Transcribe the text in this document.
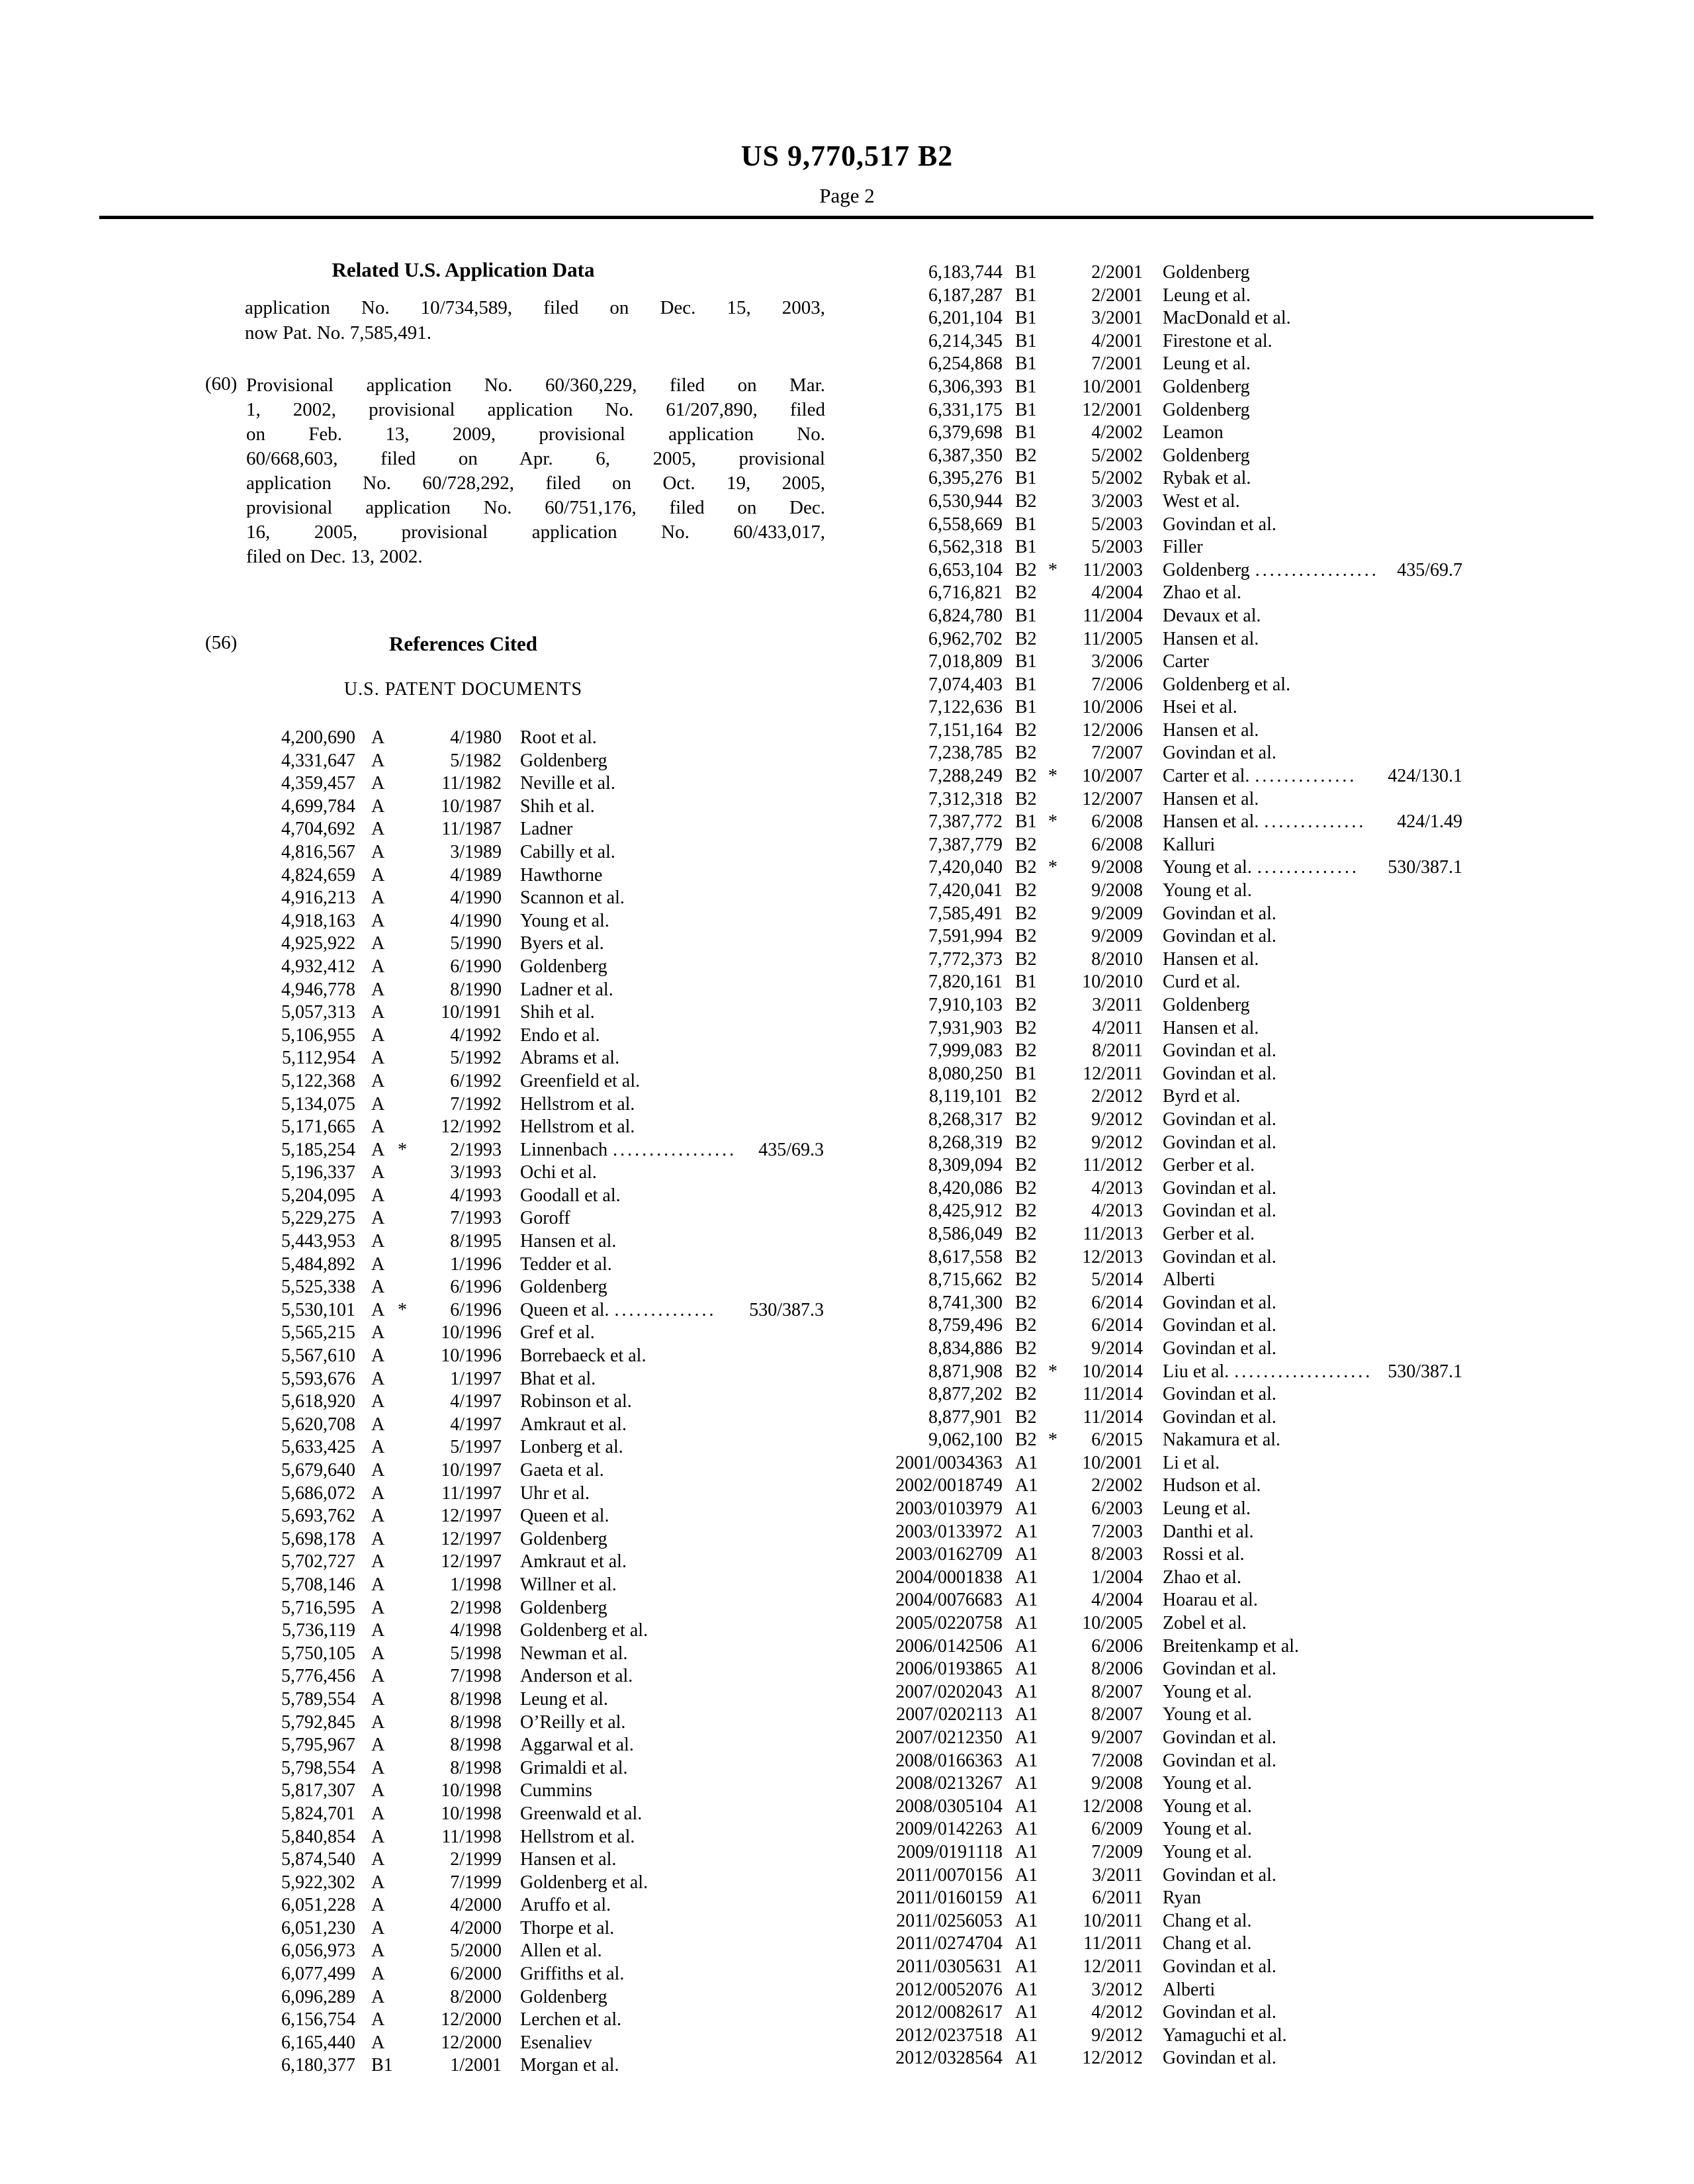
US 9,770,517 B2
Page 2
Related U.S. Application Data
application No. 10/734,589, filed on Dec. 15, 2003,
now Pat. No. 7,585,491.
(60) Provisional application No. 60/360,229, filed on Mar.
1, 2002, provisional application No. 61/207,890, filed
on Feb. 13, 2009, provisional application No.
60/668,603, filed on Apr. 6, 2005, provisional
application No. 60/728,292, filed on Oct. 19, 2005,
provisional application No. 60/751,176, filed on Dec.
16, 2005, provisional application No. 60/433,017,
filed on Dec. 13, 2002.
(56)	References Cited
U.S. PATENT DOCUMENTS
4,200,690 A	4/1980 Root et al.
4,331,647 A	5/1982 Goldenberg
4,359,457 A	11/1982 Neville et al.
4,699,784 A	10/1987 Shih et al.
4,704,692 A	11/1987 Ladner
4,816,567 A	3/1989 Cabilly et al.
4,824,659 A	4/1989 Hawthorne
4,916,213 A	4/1990 Scannon et al.
4,918,163 A	4/1990 Young et al.
4,925,922 A	5/1990 Byers et al.
4,932,412 A	6/1990 Goldenberg
4,946,778 A	8/1990 Ladner et al.
5,057,313 A	10/1991 Shih et al.
5,106,955 A	4/1992 Endo et al.
5,112,954 A	5/1992 Abrams et al.
5,122,368 A	6/1992 Greenfield et al.
5,134,075 A	7/1992 Hellstrom et al.
5,171,665 A	12/1992 Hellstrom et al.
5,185,254 A *	2/1993 Linnenbach .................	435/69.3
5,196,337 A	3/1993 Ochi et al.
5,204,095 A	4/1993 Goodall et al.
5,229,275 A	7/1993 Goroff
5,443,953 A	8/1995 Hansen et al.
5,484,892 A	1/1996 Tedder et al.
5,525,338 A	6/1996 Goldenberg
5,530,101 A *	6/1996 Queen et al. ..............	530/387.3
5,565,215 A	10/1996 Gref et al.
5,567,610 A	10/1996 Borrebaeck et al.
5,593,676 A	1/1997 Bhat et al.
5,618,920 A	4/1997 Robinson et al.
5,620,708 A	4/1997 Amkraut et al.
5,633,425 A	5/1997 Lonberg et al.
5,679,640 A	10/1997 Gaeta et al.
5,686,072 A	11/1997 Uhr et al.
5,693,762 A	12/1997 Queen et al.
5,698,178 A	12/1997 Goldenberg
5,702,727 A	12/1997 Amkraut et al.
5,708,146 A	1/1998 Willner et al.
5,716,595 A	2/1998 Goldenberg
5,736,119 A	4/1998 Goldenberg et al.
5,750,105 A	5/1998 Newman et al.
5,776,456 A	7/1998 Anderson et al.
5,789,554 A	8/1998 Leung et al.
5,792,845 A	8/1998 O’Reilly et al.
5,795,967 A	8/1998 Aggarwal et al.
5,798,554 A	8/1998 Grimaldi et al.
5,817,307 A	10/1998 Cummins
5,824,701 A	10/1998 Greenwald et al.
5,840,854 A	11/1998 Hellstrom et al.
5,874,540 A	2/1999 Hansen et al.
5,922,302 A	7/1999 Goldenberg et al.
6,051,228 A	4/2000 Aruffo et al.
6,051,230 A	4/2000 Thorpe et al.
6,056,973 A	5/2000 Allen et al.
6,077,499 A	6/2000 Griffiths et al.
6,096,289 A	8/2000 Goldenberg
6,156,754 A	12/2000 Lerchen et al.
6,165,440 A	12/2000 Esenaliev
6,180,377 B1	1/2001 Morgan et al.
6,183,744 B1	2/2001 Goldenberg
6,187,287 B1	2/2001 Leung et al.
6,201,104 B1	3/2001 MacDonald et al.
6,214,345 B1	4/2001 Firestone et al.
6,254,868 B1	7/2001 Leung et al.
6,306,393 B1	10/2001 Goldenberg
6,331,175 B1	12/2001 Goldenberg
6,379,698 B1	4/2002 Leamon
6,387,350 B2	5/2002 Goldenberg
6,395,276 B1	5/2002 Rybak et al.
6,530,944 B2	3/2003 West et al.
6,558,669 B1	5/2003 Govindan et al.
6,562,318 B1	5/2003 Filler
6,653,104 B2 *	11/2003 Goldenberg ................. 435/69.7
6,716,821 B2	4/2004 Zhao et al.
6,824,780 B1	11/2004 Devaux et al.
6,962,702 B2	11/2005 Hansen et al.
7,018,809 B1	3/2006 Carter
7,074,403 B1	7/2006 Goldenberg et al.
7,122,636 B1	10/2006 Hsei et al.
7,151,164 B2	12/2006 Hansen et al.
7,238,785 B2	7/2007 Govindan et al.
7,288,249 B2 *	10/2007 Carter et al. ..............	424/130.1
7,312,318 B2	12/2007 Hansen et al.
7,387,772 B1 *	6/2008 Hansen et al. ..............	424/1.49
7,387,779 B2	6/2008 Kalluri
7,420,040 B2 *	9/2008 Young et al. ..............	530/387.1
7,420,041 B2	9/2008 Young et al.
7,585,491 B2	9/2009 Govindan et al.
7,591,994 B2	9/2009 Govindan et al.
7,772,373 B2	8/2010 Hansen et al.
7,820,161 B1	10/2010 Curd et al.
7,910,103 B2	3/2011 Goldenberg
7,931,903 B2	4/2011 Hansen et al.
7,999,083 B2	8/2011 Govindan et al.
8,080,250 B1	12/2011 Govindan et al.
8,119,101 B2	2/2012 Byrd et al.
8,268,317 B2	9/2012 Govindan et al.
8,268,319 B2	9/2012 Govindan et al.
8,309,094 B2	11/2012 Gerber et al.
8,420,086 B2	4/2013 Govindan et al.
8,425,912 B2	4/2013 Govindan et al.
8,586,049 B2	11/2013 Gerber et al.
8,617,558 B2	12/2013 Govindan et al.
8,715,662 B2	5/2014 Alberti
8,741,300 B2	6/2014 Govindan et al.
8,759,496 B2	6/2014 Govindan et al.
8,834,886 B2	9/2014 Govindan et al.
8,871,908 B2 *	10/2014 Liu et al. ................... 530/387.1
8,877,202 B2	11/2014 Govindan et al.
8,877,901 B2	11/2014 Govindan et al.
9,062,100 B2 *	6/2015 Nakamura et al.
2001/0034363 A1	10/2001 Li et al.
2002/0018749 A1	2/2002 Hudson et al.
2003/0103979 A1	6/2003 Leung et al.
2003/0133972 A1	7/2003 Danthi et al.
2003/0162709 A1	8/2003 Rossi et al.
2004/0001838 A1	1/2004 Zhao et al.
2004/0076683 A1	4/2004 Hoarau et al.
2005/0220758 A1	10/2005 Zobel et al.
2006/0142506 A1	6/2006 Breitenkamp et al.
2006/0193865 A1	8/2006 Govindan et al.
2007/0202043 A1	8/2007 Young et al.
2007/0202113 A1	8/2007 Young et al.
2007/0212350 A1	9/2007 Govindan et al.
2008/0166363 A1	7/2008 Govindan et al.
2008/0213267 A1	9/2008 Young et al.
2008/0305104 A1	12/2008 Young et al.
2009/0142263 A1	6/2009 Young et al.
2009/0191118 A1	7/2009 Young et al.
2011/0070156 A1	3/2011 Govindan et al.
2011/0160159 A1	6/2011 Ryan
2011/0256053 A1	10/2011 Chang et al.
2011/0274704 A1	11/2011 Chang et al.
2011/0305631 A1	12/2011 Govindan et al.
2012/0052076 A1	3/2012 Alberti
2012/0082617 A1	4/2012 Govindan et al.
2012/0237518 A1	9/2012 Yamaguchi et al.
2012/0328564 A1	12/2012 Govindan et al.
